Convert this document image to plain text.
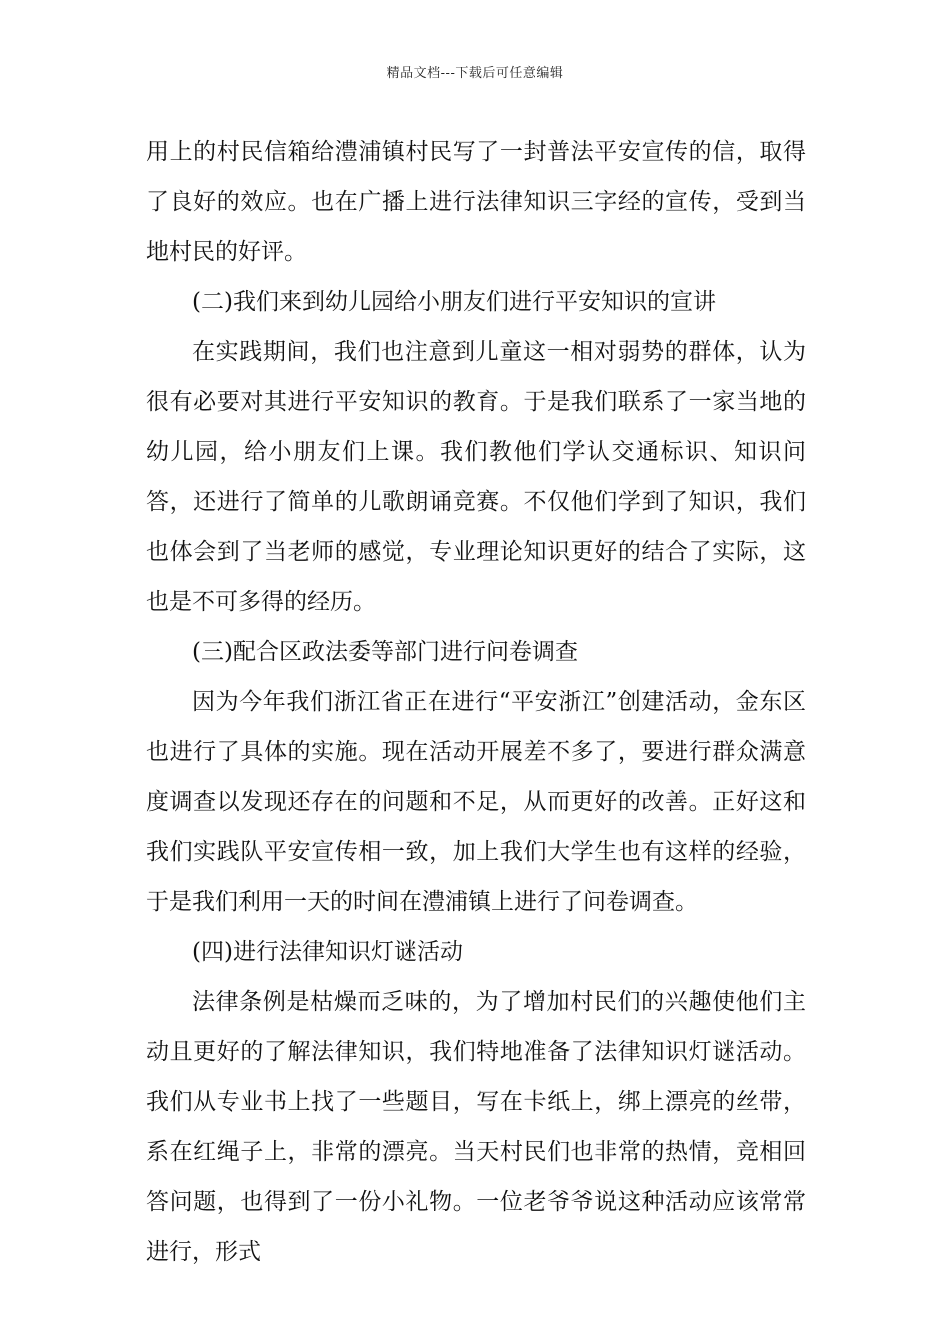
精品文档---下载后可任意编辑

用上的村民信箱给澧浦镇村民写了一封普法平安宣传的信，取得了良好的效应。也在广播上进行法律知识三字经的宣传，受到当地村民的好评。

(二)我们来到幼儿园给小朋友们进行平安知识的宣讲

在实践期间，我们也注意到儿童这一相对弱势的群体，认为很有必要对其进行平安知识的教育。于是我们联系了一家当地的幼儿园，给小朋友们上课。我们教他们学认交通标识、知识问答，还进行了简单的儿歌朗诵竞赛。不仅他们学到了知识，我们也体会到了当老师的感觉，专业理论知识更好的结合了实际，这也是不可多得的经历。

(三)配合区政法委等部门进行问卷调查

因为今年我们浙江省正在进行“平安浙江”创建活动，金东区也进行了具体的实施。现在活动开展差不多了，要进行群众满意度调查以发现还存在的问题和不足，从而更好的改善。正好这和我们实践队平安宣传相一致，加上我们大学生也有这样的经验，于是我们利用一天的时间在澧浦镇上进行了问卷调查。

(四)进行法律知识灯谜活动

法律条例是枯燥而乏味的，为了增加村民们的兴趣使他们主动且更好的了解法律知识，我们特地准备了法律知识灯谜活动。我们从专业书上找了一些题目，写在卡纸上，绑上漂亮的丝带，系在红绳子上，非常的漂亮。当天村民们也非常的热情，竞相回答问题，也得到了一份小礼物。一位老爷爷说这种活动应该常常进行，形式
